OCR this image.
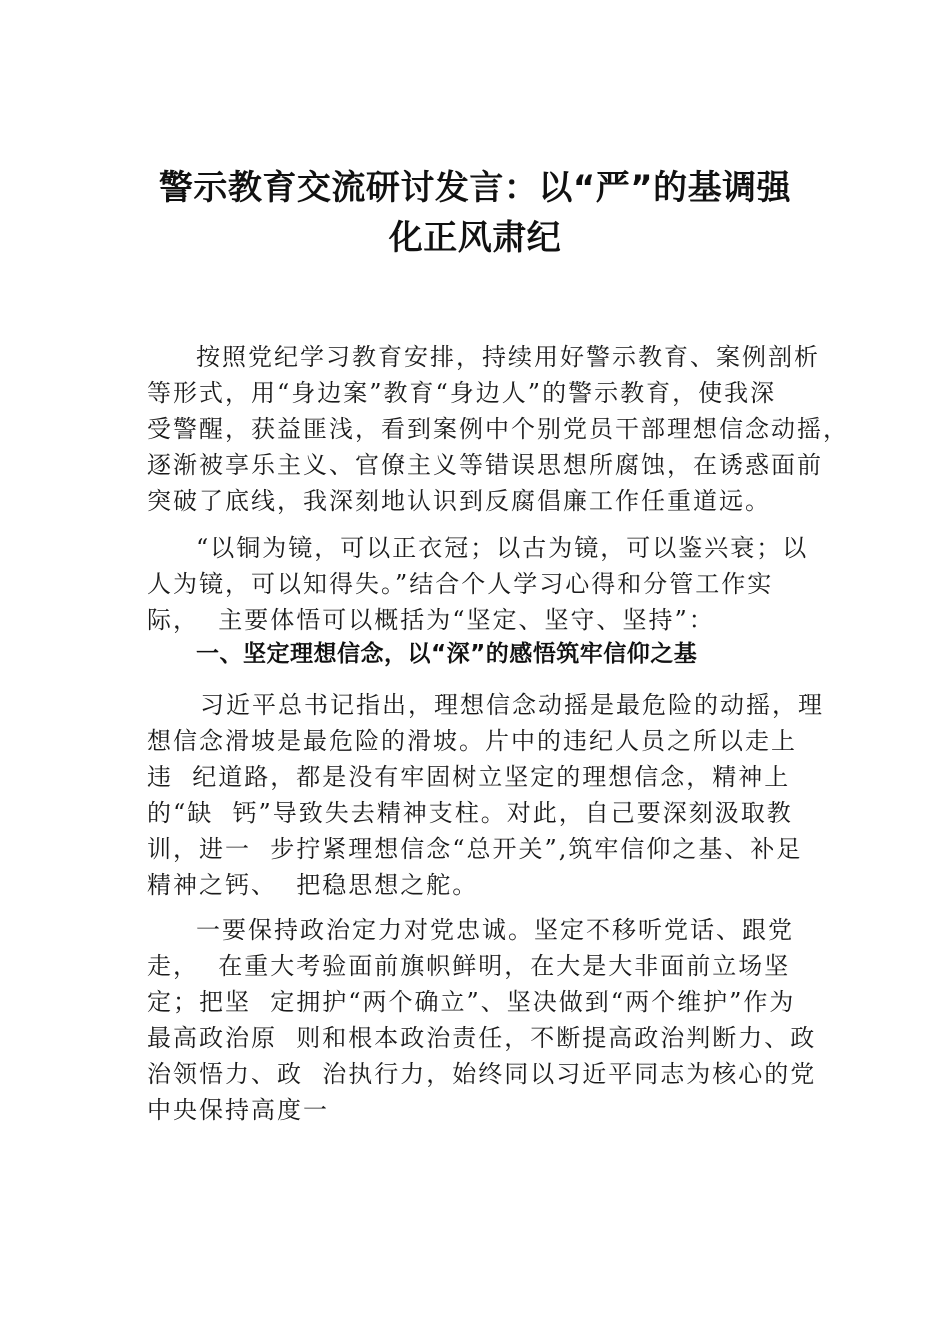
警示教育交流研讨发言：以“严”的基调强
化正风肃纪
按照党纪学习教育安排，持续用好警示教育、案例剖析
等形式，用“身边案”教育“身边人”的警示教育，使我深
受警醒，获益匪浅，看到案例中个别党员干部理想信念动摇，
逐渐被享乐主义、官僚主义等错误思想所腐蚀，在诱惑面前
突破了底线，我深刻地认识到反腐倡廉工作任重道远。
“以铜为镜，可以正衣冠；以古为镜，可以鉴兴衰；以
人为镜，可以知得失。”结合个人学习心得和分管工作实
际，  主要体悟可以概括为“坚定、坚守、坚持”：
一、坚定理想信念，以“深”的感悟筑牢信仰之基
习近平总书记指出，理想信念动摇是最危险的动摇，理
想信念滑坡是最危险的滑坡。片中的违纪人员之所以走上
违  纪道路，都是没有牢固树立坚定的理想信念，精神上
的“缺  钙”导致失去精神支柱。对此，自己要深刻汲取教
训，进一  步拧紧理想信念“总开关”,筑牢信仰之基、补足
精神之钙、  把稳思想之舵。
一要保持政治定力对党忠诚。坚定不移听党话、跟党
走，  在重大考验面前旗帜鲜明，在大是大非面前立场坚
定；把坚  定拥护“两个确立”、坚决做到“两个维护”作为
最高政治原  则和根本政治责任，不断提高政治判断力、政
治领悟力、政  治执行力，始终同以习近平同志为核心的党
中央保持高度一
